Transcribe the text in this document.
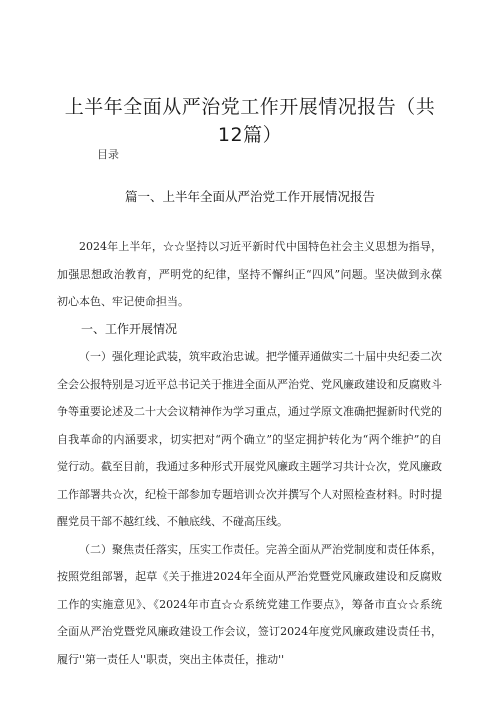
上半年全面从严治党工作开展情况报告（共
12篇）
目录
篇一、上半年全面从严治党工作开展情况报告

2024年上半年，☆☆坚持以习近平新时代中国特色社会主义思想为指导，加强思想政治教育，严明党的纪律，坚持不懈纠正“四风”问题。坚决做到永葆初心本色、牢记使命担当。

一、工作开展情况

（一）强化理论武装，筑牢政治忠诚。把学懂弄通做实二十届中央纪委二次全会公报特别是习近平总书记关于推进全面从严治党、党风廉政建设和反腐败斗争等重要论述及二十大会议精神作为学习重点，通过学原文准确把握新时代党的自我革命的内涵要求，切实把对“两个确立”的坚定拥护转化为“两个维护”的自觉行动。截至目前，我通过多种形式开展党风廉政主题学习共计☆次，党风廉政工作部署共☆次，纪检干部参加专题培训☆次并撰写个人对照检查材料。时时提醒党员干部不越红线、不触底线、不碰高压线。

（二）聚焦责任落实，压实工作责任。完善全面从严治党制度和责任体系，按照党组部署，起草《关于推进2024年全面从严治党暨党风廉政建设和反腐败工作的实施意见》、《2024年市直☆☆系统党建工作要点》，筹备市直☆☆系统全面从严治党暨党风廉政建设工作会议，签订2024年度党风廉政建设责任书，履行''第一责任人''职责，突出主体责任，推动''
